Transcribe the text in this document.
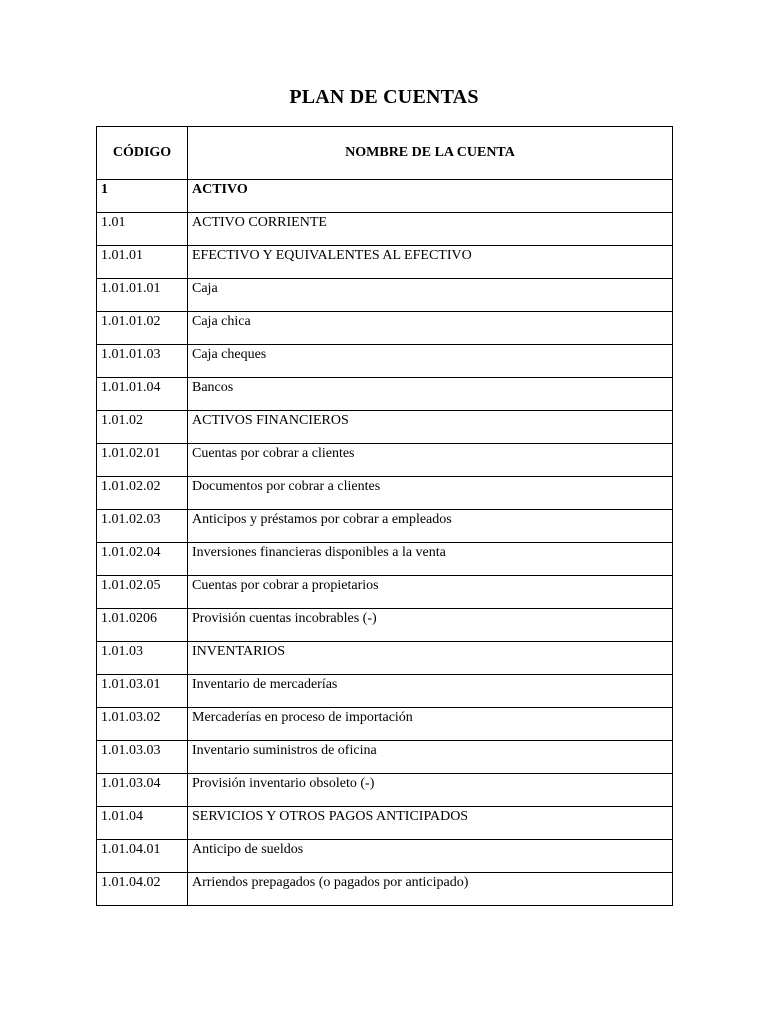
PLAN DE CUENTAS
CÓDIGO	NOMBRE DE LA CUENTA
1	ACTIVO
1.01	ACTIVO CORRIENTE
1.01.01	EFECTIVO Y EQUIVALENTES AL EFECTIVO
1.01.01.01	Caja
1.01.01.02	Caja chica
1.01.01.03	Caja cheques
1.01.01.04	Bancos
1.01.02	ACTIVOS FINANCIEROS
1.01.02.01	Cuentas por cobrar a clientes
1.01.02.02	Documentos por cobrar a clientes
1.01.02.03	Anticipos y préstamos por cobrar a empleados
1.01.02.04	Inversiones financieras disponibles a la venta
1.01.02.05	Cuentas por cobrar a propietarios
1.01.0206	Provisión cuentas incobrables (-)
1.01.03	INVENTARIOS
1.01.03.01	Inventario de mercaderías
1.01.03.02	Mercaderías en proceso de importación
1.01.03.03	Inventario suministros de oficina
1.01.03.04	Provisión inventario obsoleto (-)
1.01.04	SERVICIOS Y OTROS PAGOS ANTICIPADOS
1.01.04.01	Anticipo de sueldos
1.01.04.02	Arriendos prepagados (o pagados por anticipado)
